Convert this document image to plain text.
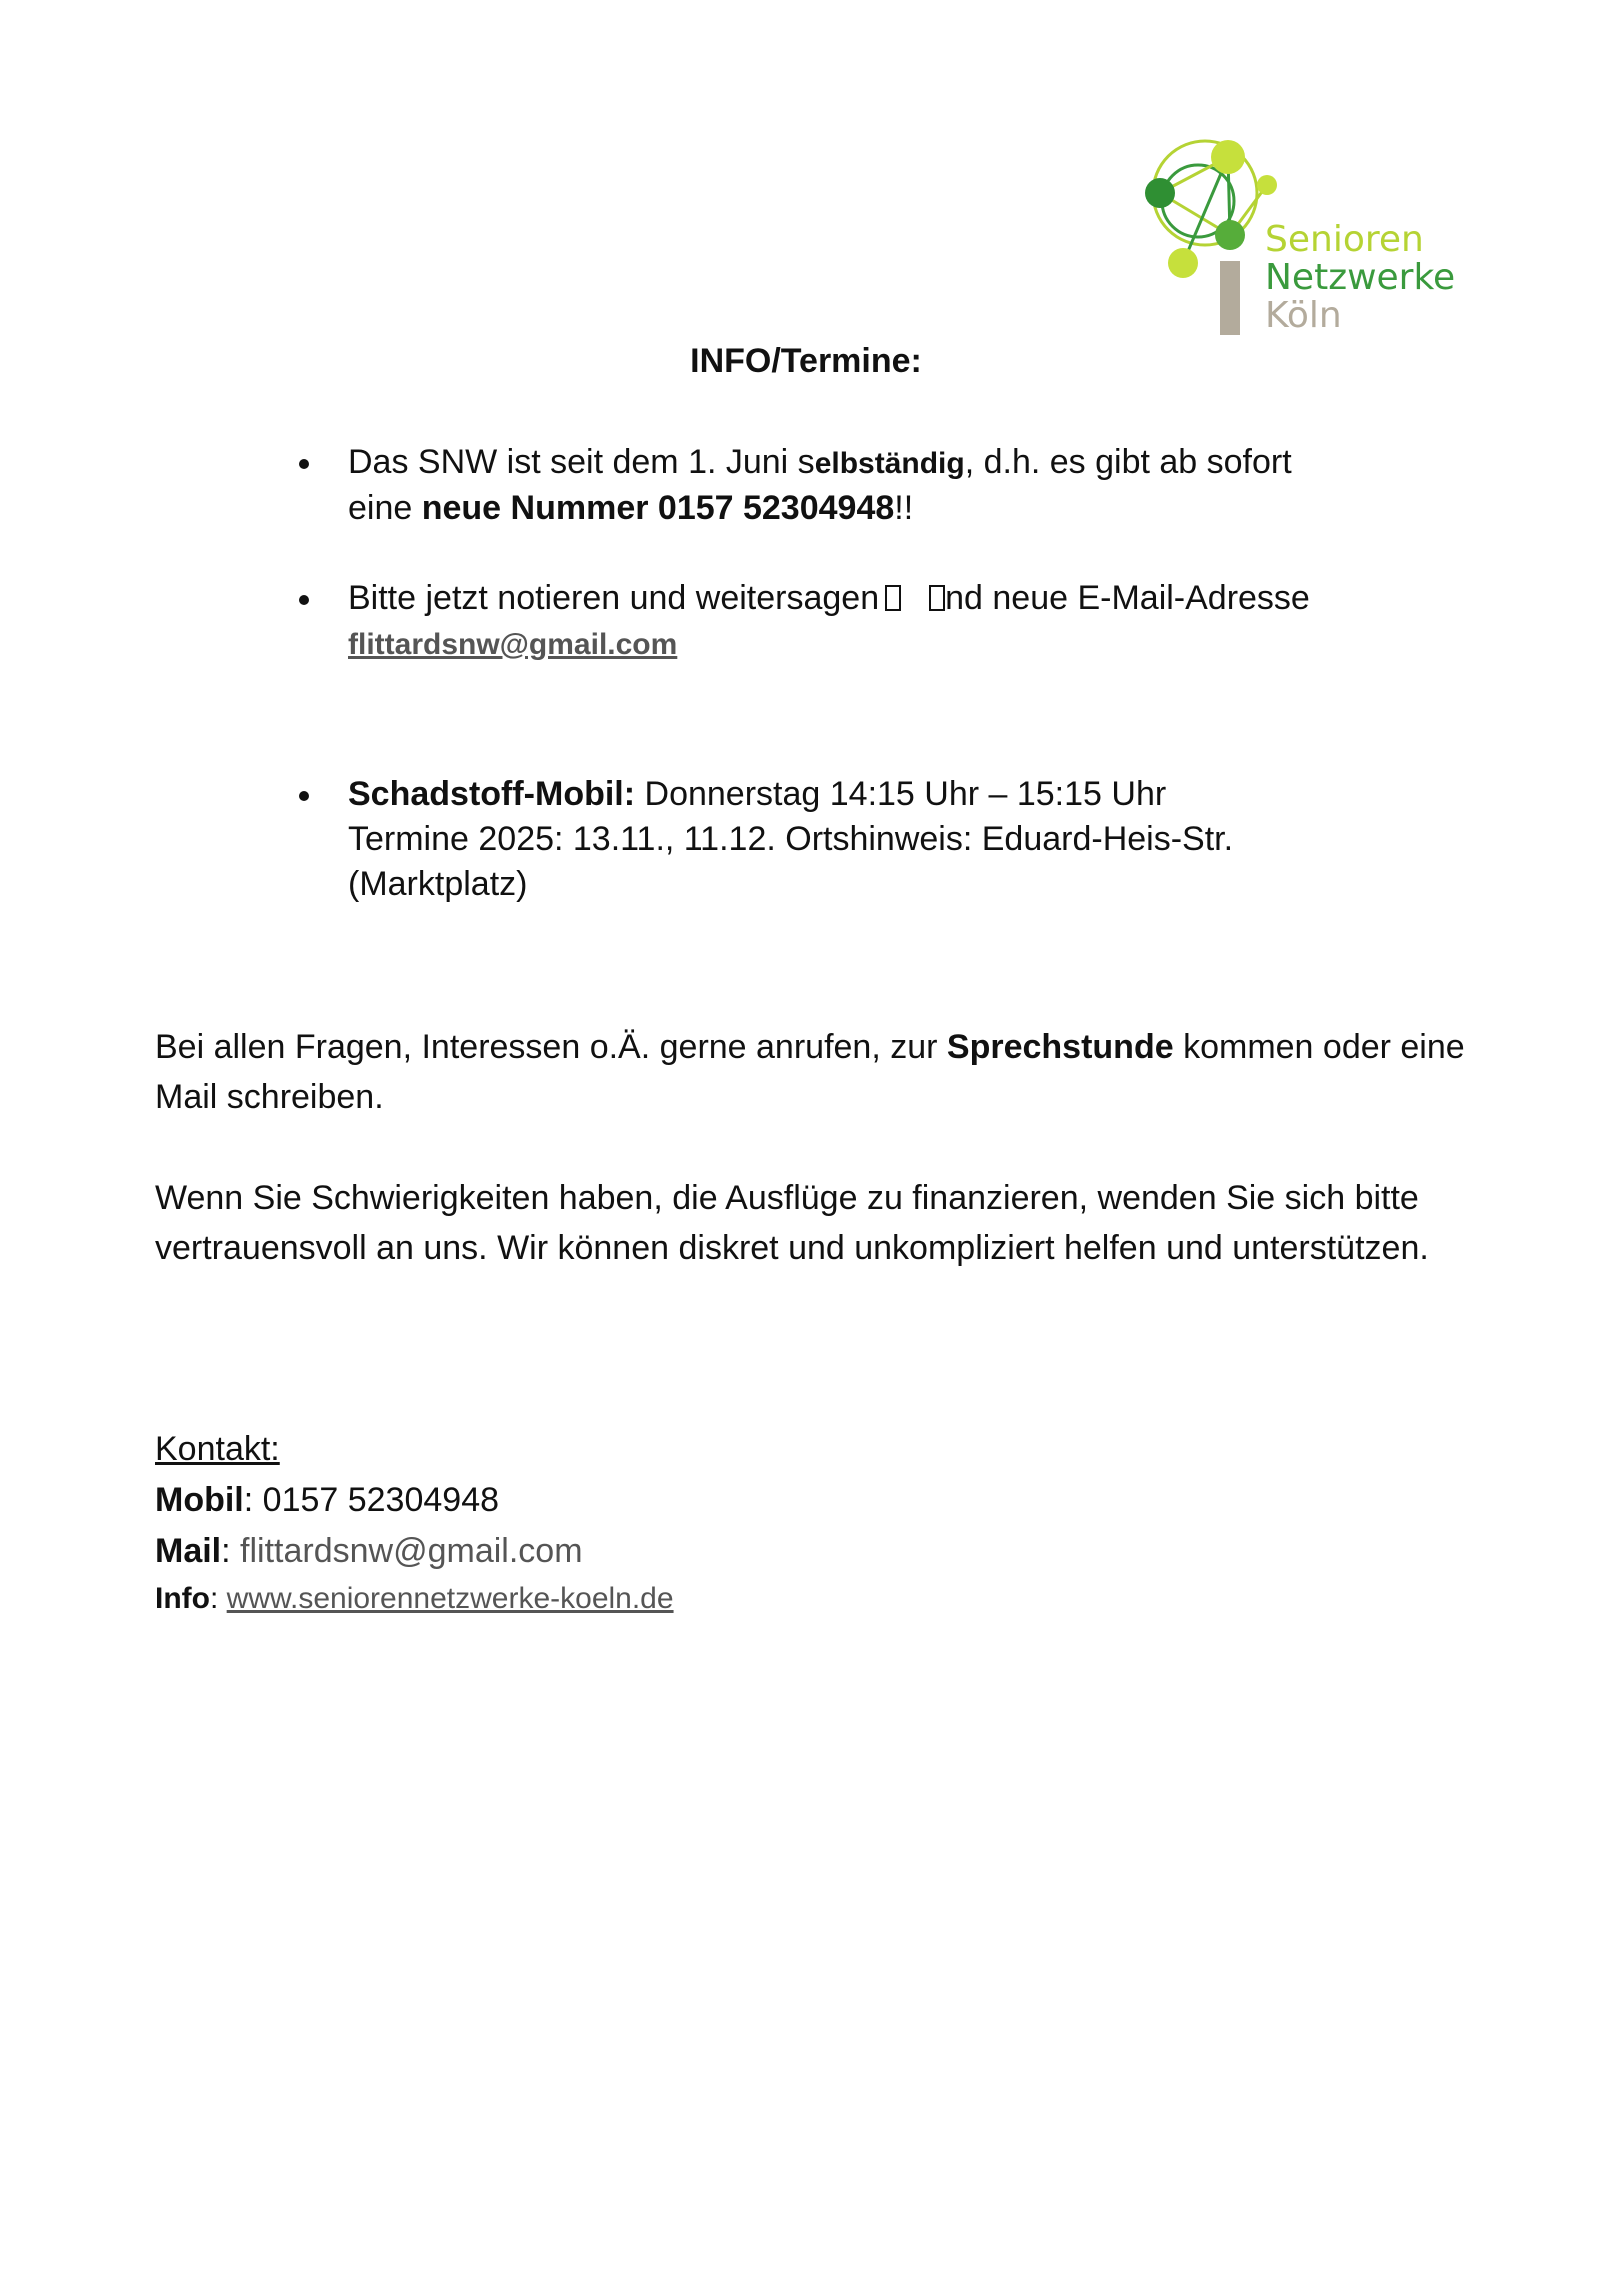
Senioren
Netzwerke
Köln
INFO/Termine:
Das SNW ist seit dem 1. Juni selbständig, d.h. es gibt ab sofort
eine neue Nummer 0157 52304948!!
Bitte jetzt notieren und weitersagen nd neue E-Mail-Adresse
flittardsnw@gmail.com
Schadstoff-Mobil: Donnerstag 14:15 Uhr – 15:15 Uhr
Termine 2025: 13.11., 11.12. Ortshinweis: Eduard-Heis-Str.
(Marktplatz)

Bei allen Fragen, Interessen o.Ä. gerne anrufen, zur Sprechstunde kommen oder eine Mail schreiben.

Wenn Sie Schwierigkeiten haben, die Ausflüge zu finanzieren, wenden Sie sich bitte vertrauensvoll an uns. Wir können diskret und unkompliziert helfen und unterstützen.

Kontakt:
Mobil: 0157 52304948
Mail: flittardsnw@gmail.com
Info: www.seniorennetzwerke-koeln.de
